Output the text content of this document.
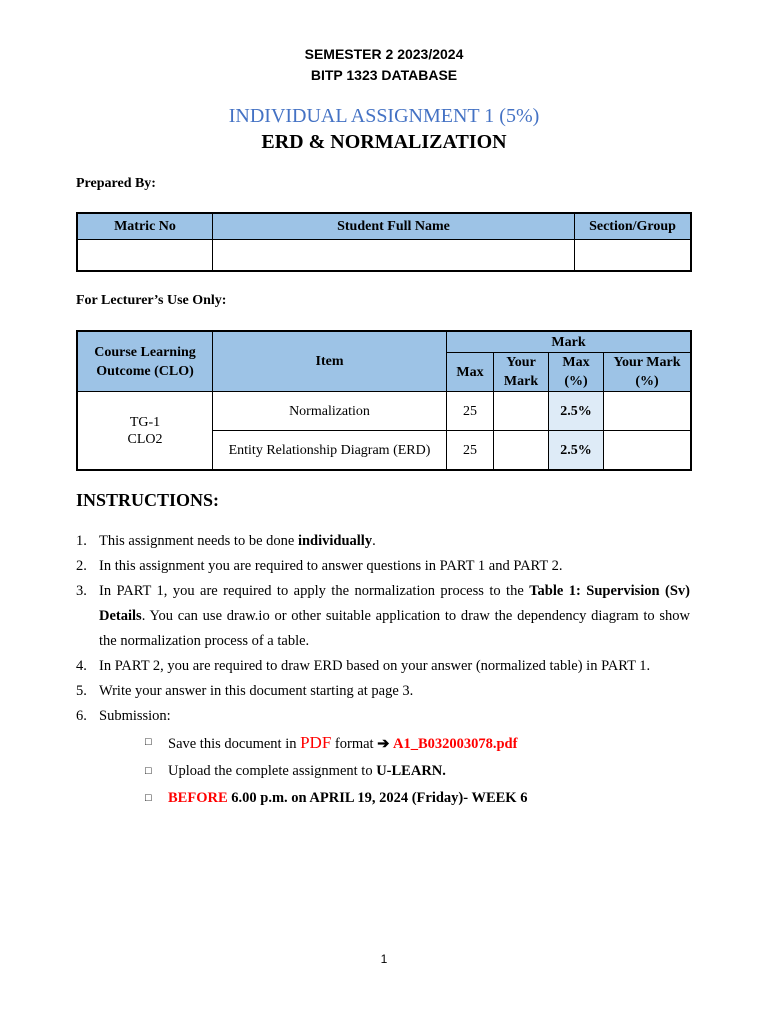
SEMESTER 2 2023/2024
BITP 1323 DATABASE
INDIVIDUAL ASSIGNMENT 1 (5%)
ERD & NORMALIZATION
Prepared By:
Matric No	Student Full Name	Section/Group

For Lecturer’s Use Only:
Course Learning Outcome (CLO)	Item	Mark			
		Max	Your Mark	Max (%)	Your Mark (%)

TG-1
CLO2	Normalization	25		2.5%	
	Entity Relationship Diagram (ERD)	25		2.5%	
INSTRUCTIONS:
1. This assignment needs to be done individually.
2. In this assignment you are required to answer questions in PART 1 and PART 2.
3. In PART 1, you are required to apply the normalization process to the Table 1: Supervision (Sv) Details. You can use draw.io or other suitable application to draw the dependency diagram to show the normalization process of a table.
4. In PART 2, you are required to draw ERD based on your answer (normalized table) in PART 1.
5. Write your answer in this document starting at page 3.
6. Submission:
□ Save this document in PDF format ➔ A1_B032003078.pdf
□ Upload the complete assignment to U-LEARN.
□ BEFORE 6.00 p.m. on APRIL 19, 2024 (Friday)- WEEK 6
1
